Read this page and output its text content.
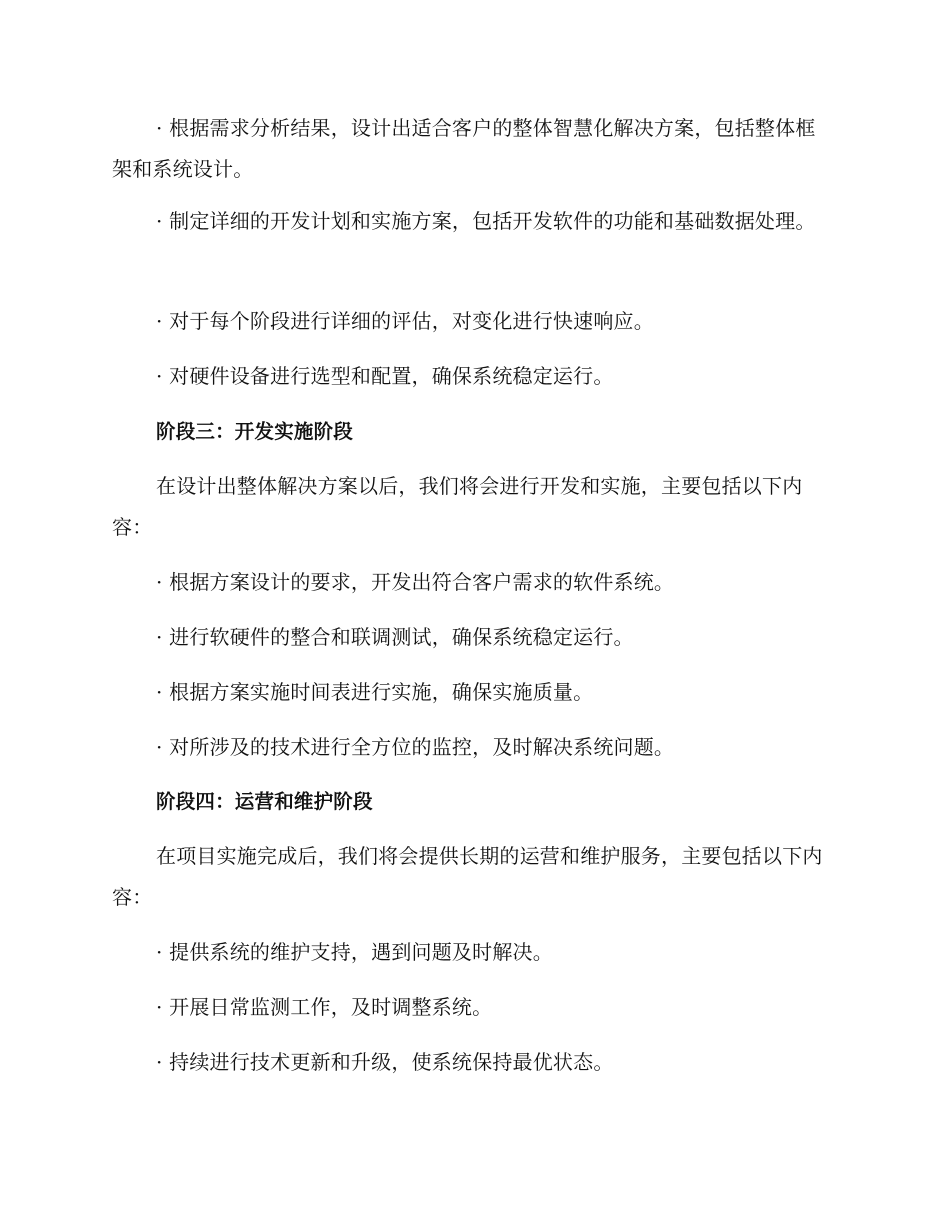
· 根据需求分析结果，设计出适合客户的整体智慧化解决方案，包括整体框架和系统设计。

· 制定详细的开发计划和实施方案，包括开发软件的功能和基础数据处理。

· 对于每个阶段进行详细的评估，对变化进行快速响应。

· 对硬件设备进行选型和配置，确保系统稳定运行。

阶段三：开发实施阶段

在设计出整体解决方案以后，我们将会进行开发和实施，主要包括以下内容：

· 根据方案设计的要求，开发出符合客户需求的软件系统。

· 进行软硬件的整合和联调测试，确保系统稳定运行。

· 根据方案实施时间表进行实施，确保实施质量。

· 对所涉及的技术进行全方位的监控，及时解决系统问题。

阶段四：运营和维护阶段

在项目实施完成后，我们将会提供长期的运营和维护服务，主要包括以下内容：

· 提供系统的维护支持，遇到问题及时解决。

· 开展日常监测工作，及时调整系统。

· 持续进行技术更新和升级，使系统保持最优状态。
